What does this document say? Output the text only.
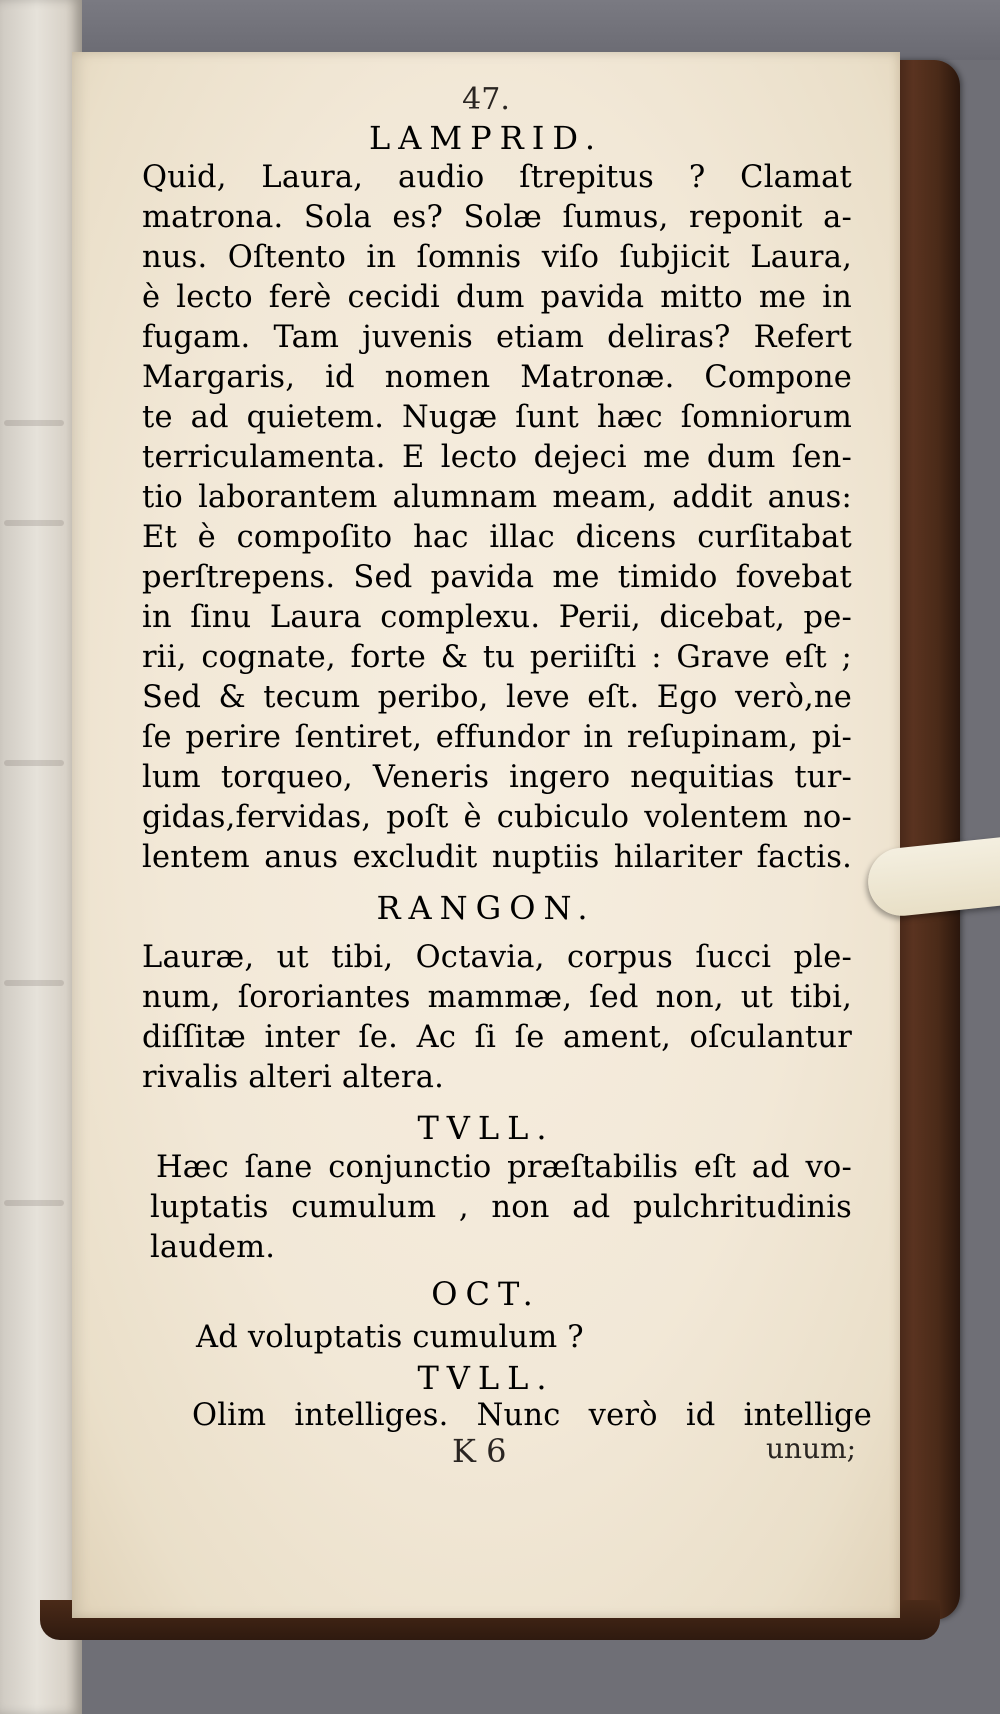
47.
LAMPRID.
Quid, Laura, audio ſtrepitus ? Clamat
matrona. Sola es? Solæ ſumus, reponit a-
nus. Oſtento in ſomnis viſo ſubjicit Laura,
è lecto ferè cecidi dum pavida mitto me in
fugam. Tam juvenis etiam deliras? Refert
Margaris, id nomen Matronæ. Compone
te ad quietem. Nugæ ſunt hæc ſomniorum
terriculamenta. E lecto dejeci me dum ſen-
tio laborantem alumnam meam, addit anus:
Et è compoſito hac illac dicens curſitabat
perſtrepens. Sed pavida me timido fovebat
in ſinu Laura complexu. Perii, dicebat, pe-
rii, cognate, forte & tu periiſti : Grave eſt ;
Sed & tecum peribo, leve eſt. Ego verò,ne
ſe perire ſentiret, effundor in reſupinam, pi-
lum torqueo, Veneris ingero nequitias tur-
gidas,fervidas, poſt è cubiculo volentem no-
lentem anus excludit nuptiis hilariter factis.
RANGON.
Lauræ, ut tibi, Octavia, corpus ſucci ple-
num, ſororiantes mammæ, ſed non, ut tibi,
diſſitæ inter ſe. Ac ſi ſe ament, oſculantur
rivalis alteri altera.
TVLL.
Hæc ſane conjunctio præſtabilis eſt ad vo-
luptatis cumulum , non ad pulchritudinis
laudem.
OCT.
Ad voluptatis cumulum ?
TVLL.
Olim intelliges. Nunc verò id intellige
K 6	unum;
